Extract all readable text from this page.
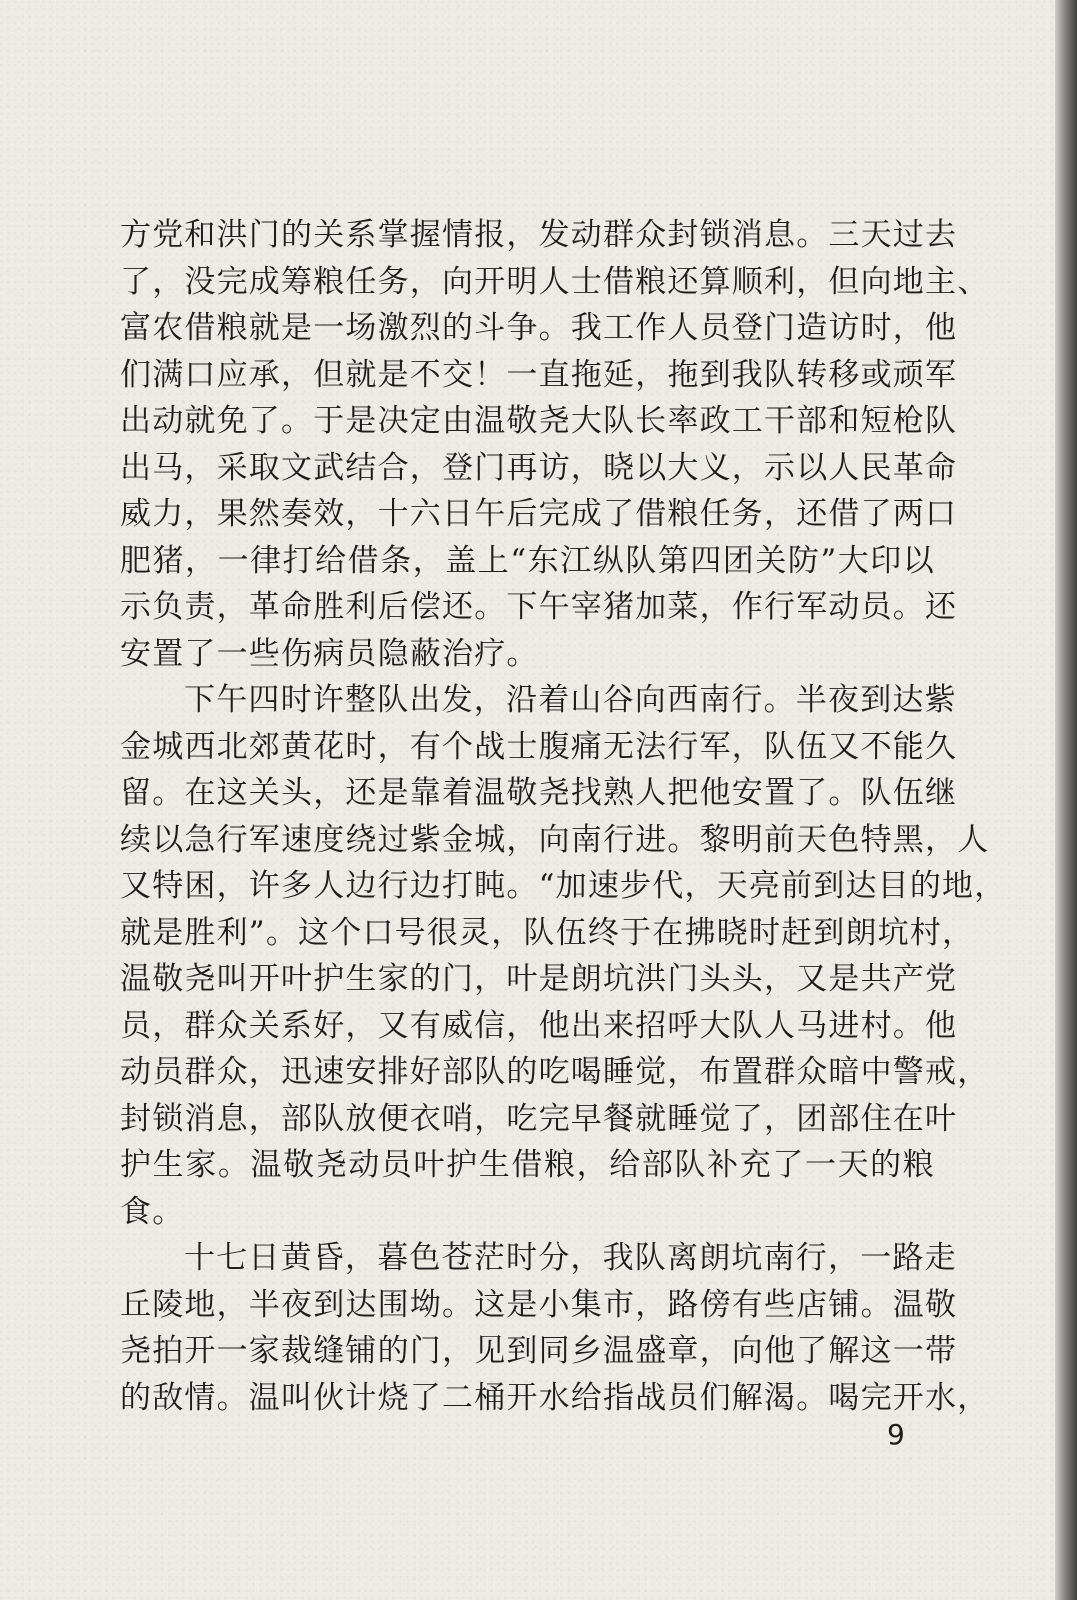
方党和洪门的关系掌握情报，发动群众封锁消息。三天过去
了，没完成筹粮任务，向开明人士借粮还算顺利，但向地主、
富农借粮就是一场激烈的斗争。我工作人员登门造访时，他
们满口应承，但就是不交！一直拖延，拖到我队转移或顽军
出动就免了。于是决定由温敬尧大队长率政工干部和短枪队
出马，采取文武结合，登门再访，晓以大义，示以人民革命
威力，果然奏效，十六日午后完成了借粮任务，还借了两口
肥猪，一律打给借条，盖上“东江纵队第四团关防”大印以
示负责，革命胜利后偿还。下午宰猪加菜，作行军动员。还
安置了一些伤病员隐蔽治疗。

下午四时许整队出发，沿着山谷向西南行。半夜到达紫
金城西北郊黄花时，有个战士腹痛无法行军，队伍又不能久
留。在这关头，还是靠着温敬尧找熟人把他安置了。队伍继
续以急行军速度绕过紫金城，向南行进。黎明前天色特黑，人
又特困，许多人边行边打盹。“加速步代，天亮前到达目的地，
就是胜利”。这个口号很灵，队伍终于在拂晓时赶到朗坑村，
温敬尧叫开叶护生家的门，叶是朗坑洪门头头，又是共产党
员，群众关系好，又有威信，他出来招呼大队人马进村。他
动员群众，迅速安排好部队的吃喝睡觉，布置群众暗中警戒，
封锁消息，部队放便衣哨，吃完早餐就睡觉了，团部住在叶
护生家。温敬尧动员叶护生借粮，给部队补充了一天的粮
食。

十七日黄昏，暮色苍茫时分，我队离朗坑南行，一路走
丘陵地，半夜到达围坳。这是小集市，路傍有些店铺。温敬
尧拍开一家裁缝铺的门，见到同乡温盛章，向他了解这一带
的敌情。温叫伙计烧了二桶开水给指战员们解渴。喝完开水，

9
